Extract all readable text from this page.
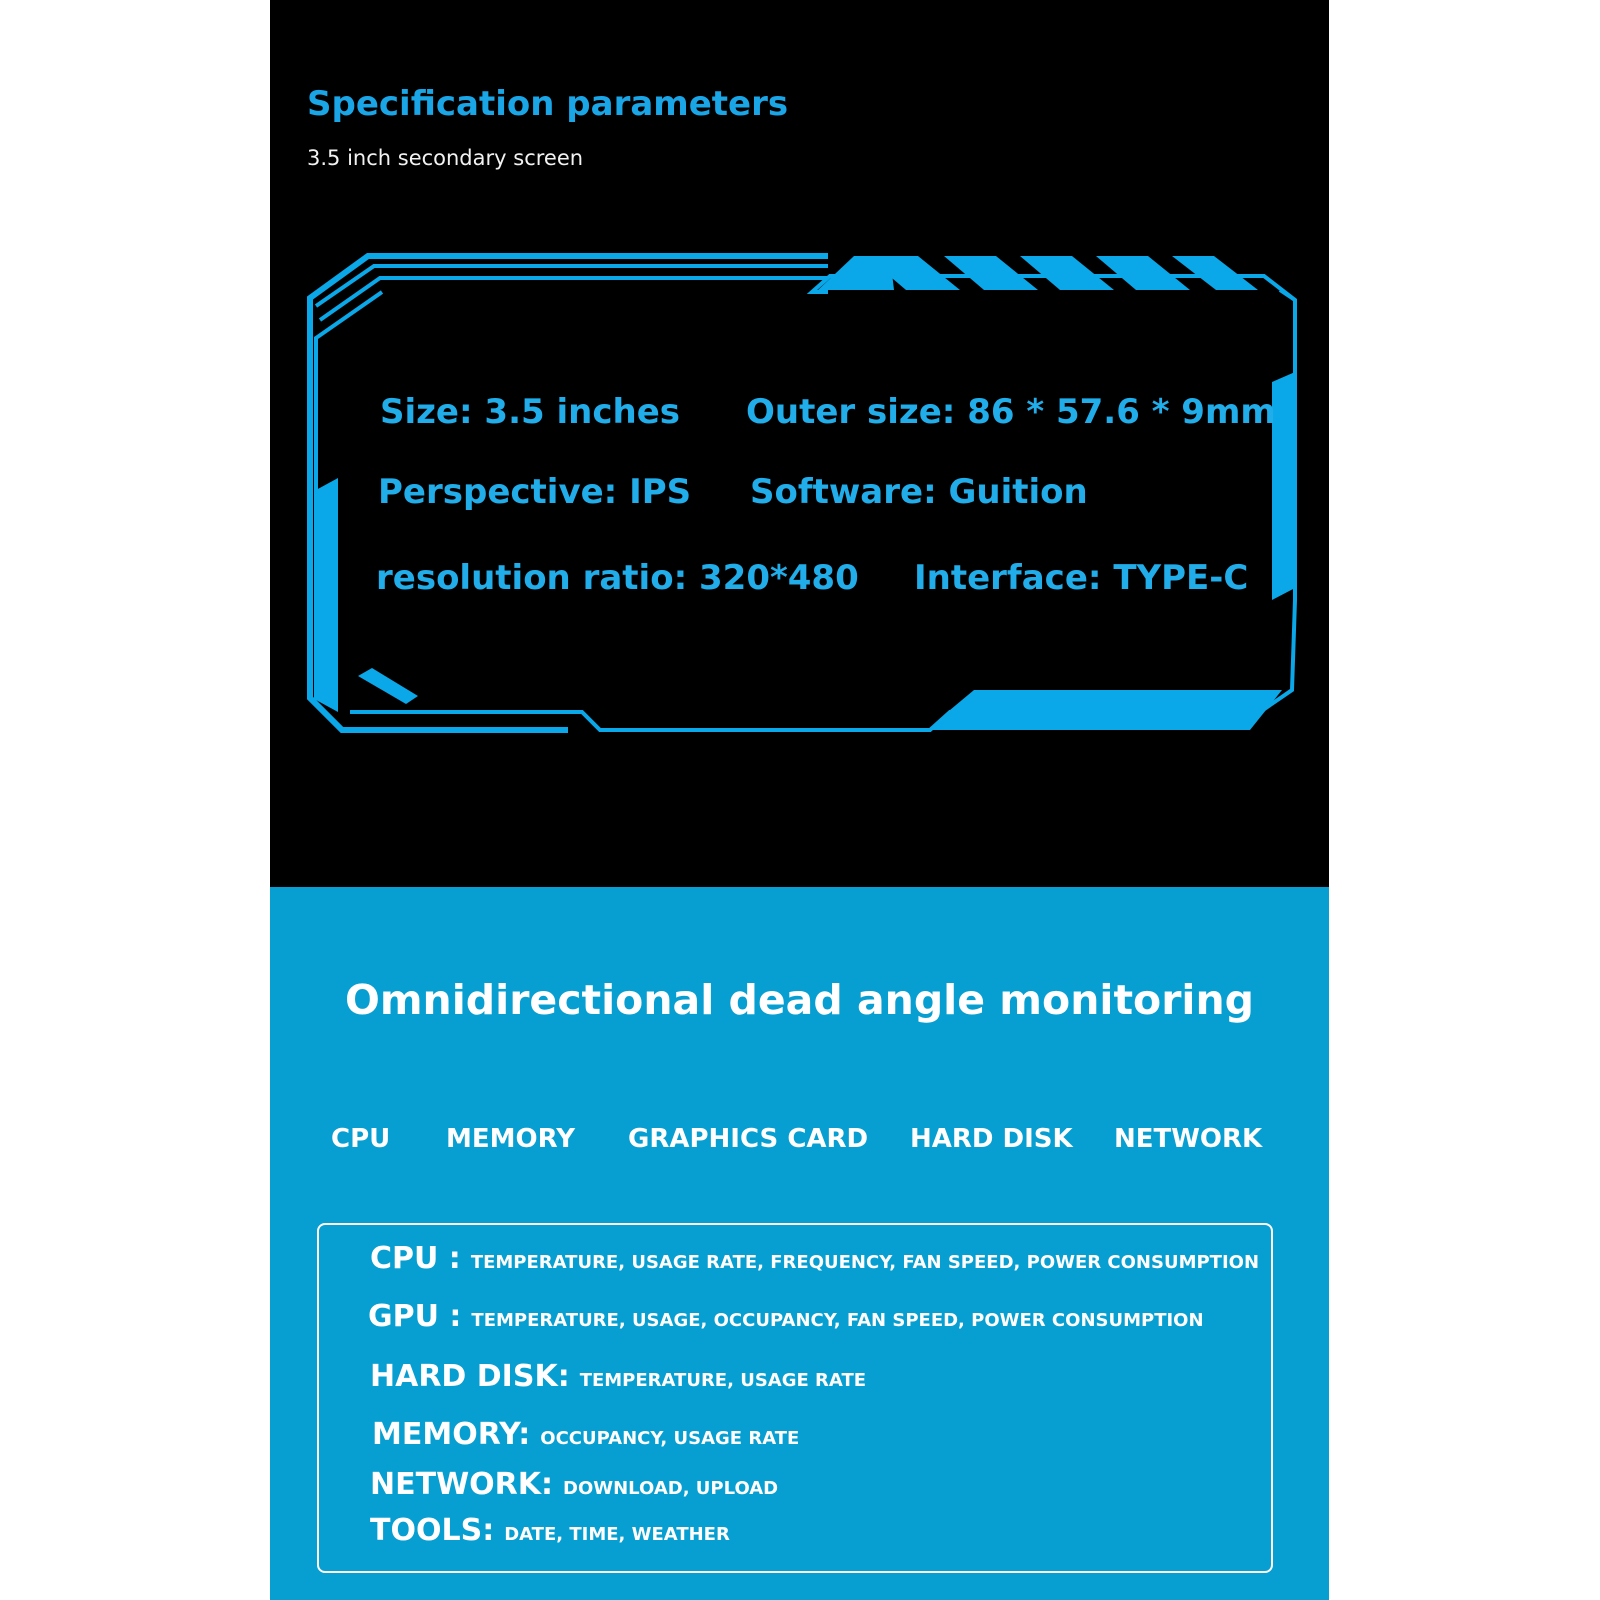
Specification parameters
3.5 inch secondary screen
Size: 3.5 inches Outer size: 86 * 57.6 * 9mm
Perspective: IPS Software: Guition
resolution ratio: 320*480 Interface: TYPE-C
Omnidirectional dead angle monitoring
CPU MEMORY GRAPHICS CARD HARD DISK NETWORK
CPU : TEMPERATURE, USAGE RATE, FREQUENCY, FAN SPEED, POWER CONSUMPTION
GPU : TEMPERATURE, USAGE, OCCUPANCY, FAN SPEED, POWER CONSUMPTION
HARD DISK: TEMPERATURE, USAGE RATE
MEMORY: OCCUPANCY, USAGE RATE
NETWORK: DOWNLOAD, UPLOAD
TOOLS: DATE, TIME, WEATHER
